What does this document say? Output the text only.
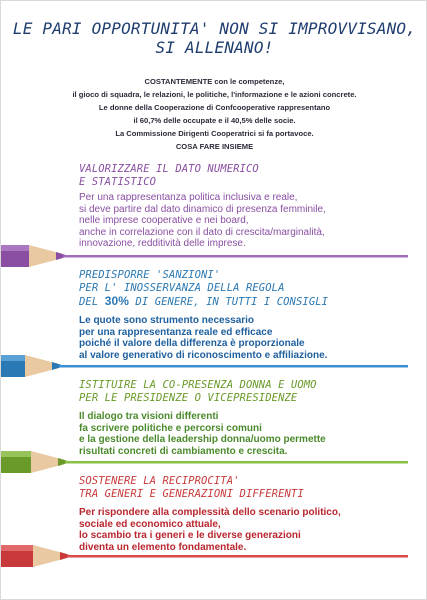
LE PARI OPPORTUNITA' NON SI IMPROVVISANO,
SI ALLENANO!
COSTANTEMENTE con le competenze,
il gioco di squadra, le relazioni, le politiche, l'informazione e le azioni concrete.
Le donne della Cooperazione di Confcooperative rappresentano
il 60,7% delle occupate e il 40,5% delle socie.
La Commissione Dirigenti Cooperatrici si fa portavoce.
COSA FARE INSIEME
VALORIZZARE IL DATO NUMERICO
E STATISTICO
Per una rappresentanza politica inclusiva e reale,
si deve partire dal dato dinamico di presenza femminile,
nelle imprese cooperative e nei board,
anche in correlazione con il dato di crescita/marginalità,
innovazione, redditività delle imprese.
PREDISPORRE 'SANZIONI'
PER L' INOSSERVANZA DELLA REGOLA
DEL 30% DI GENERE, IN TUTTI I CONSIGLI
Le quote sono strumento necessario
per una rappresentanza reale ed efficace
poiché il valore della differenza è proporzionale
al valore generativo di riconoscimento e affiliazione.
ISTITUIRE LA CO-PRESENZA DONNA E UOMO
PER LE PRESIDENZE O VICEPRESIDENZE
Il dialogo tra visioni differenti
fa scrivere politiche e percorsi comuni
e la gestione della leadership donna/uomo permette
risultati concreti di cambiamento e crescita.
SOSTENERE LA RECIPROCITA'
TRA GENERI E GENERAZIONI DIFFERENTI
Per rispondere alla complessità dello scenario politico,
sociale ed economico attuale,
lo scambio tra i generi e le diverse generazioni
diventa un elemento fondamentale.
